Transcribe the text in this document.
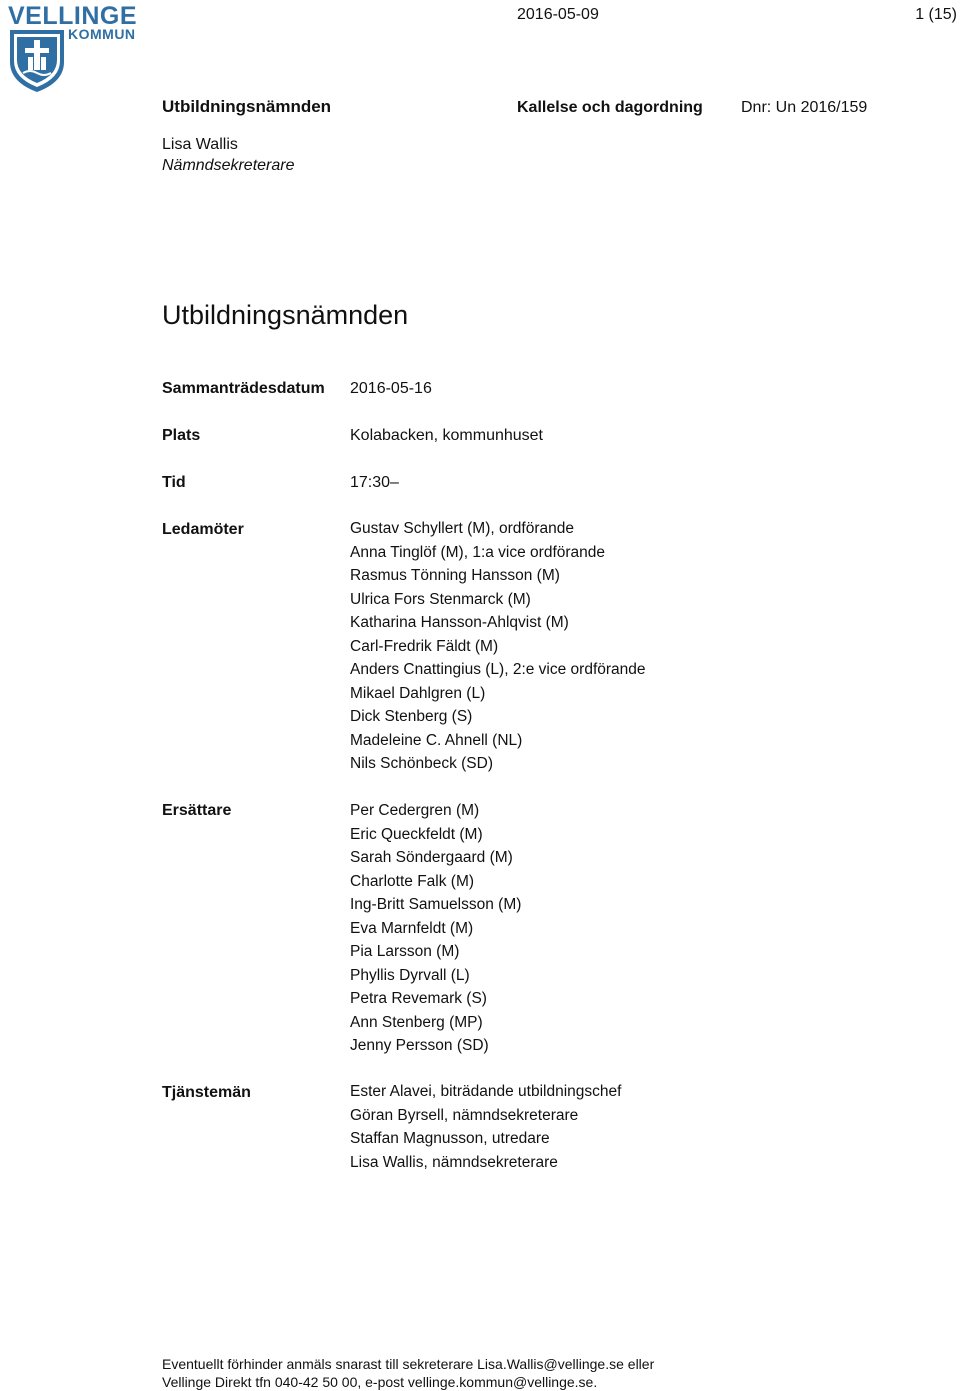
VELLINGE
KOMMUN
2016-05-09	1 (15)
Utbildningsnämnden	Kallelse och dagordning Dnr: Un 2016/159
Lisa Wallis
Nämndsekreterare
Utbildningsnämnden
Sammanträdesdatum 2016-05-16
Plats	Kolabacken, kommunhuset
Tid	17:30–
Ledamöter	Gustav Schyllert (M), ordförande
Anna Tinglöf (M), 1:a vice ordförande
Rasmus Tönning Hansson (M)
Ulrica Fors Stenmarck (M)
Katharina Hansson-Ahlqvist (M)
Carl-Fredrik Fäldt (M)
Anders Cnattingius (L), 2:e vice ordförande
Mikael Dahlgren (L)
Dick Stenberg (S)
Madeleine C. Ahnell (NL)
Nils Schönbeck (SD)
Ersättare	Per Cedergren (M)
Eric Queckfeldt (M)
Sarah Söndergaard (M)
Charlotte Falk (M)
Ing-Britt Samuelsson (M)
Eva Marnfeldt (M)
Pia Larsson (M)
Phyllis Dyrvall (L)
Petra Revemark (S)
Ann Stenberg (MP)
Jenny Persson (SD)
Tjänstemän	Ester Alavei, biträdande utbildningschef
Göran Byrsell, nämndsekreterare
Staffan Magnusson, utredare
Lisa Wallis, nämndsekreterare
Eventuellt förhinder anmäls snarast till sekreterare Lisa.Wallis@vellinge.se eller
Vellinge Direkt tfn 040-42 50 00, e-post vellinge.kommun@vellinge.se.
